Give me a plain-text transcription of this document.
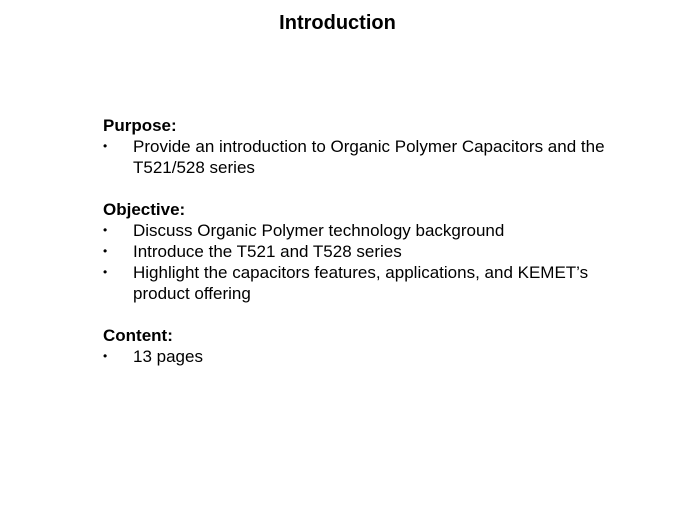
Introduction
Purpose:
•	Provide an introduction to Organic Polymer Capacitors and the T521/528 series
Objective:
•	Discuss Organic Polymer technology background
•	Introduce the T521 and T528 series
•	Highlight the capacitors features, applications, and KEMET’s product offering
Content:
•	13 pages
